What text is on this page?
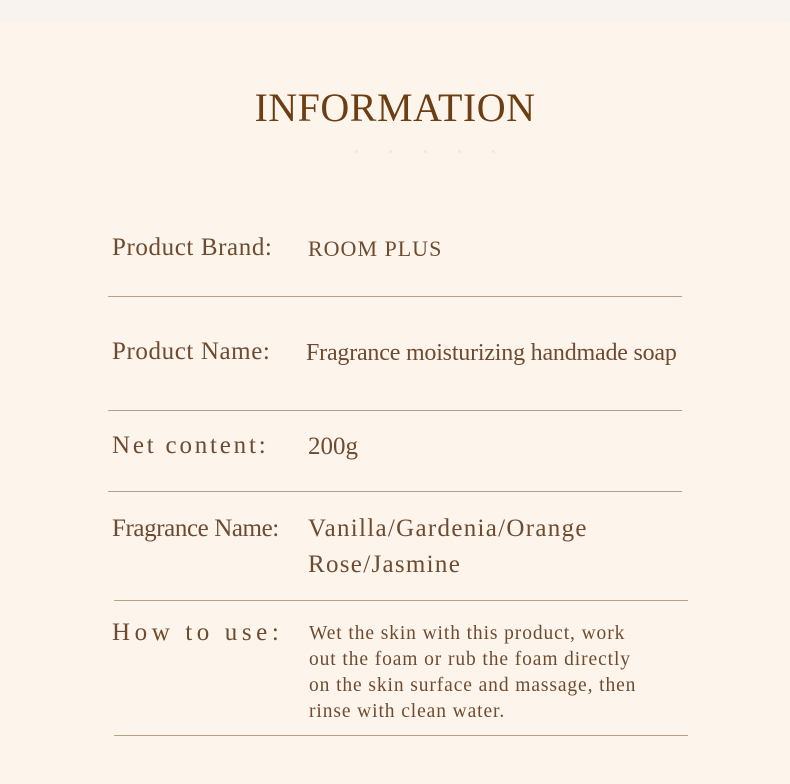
INFORMATION
Product Brand: ROOM PLUS
Product Name: Fragrance moisturizing handmade soap
Net content: 200g
Fragrance Name: Vanilla/Gardenia/Orange
Rose/Jasmine
How to use: Wet the skin with this product, work
out the foam or rub the foam directly
on the skin surface and massage, then
rinse with clean water.
